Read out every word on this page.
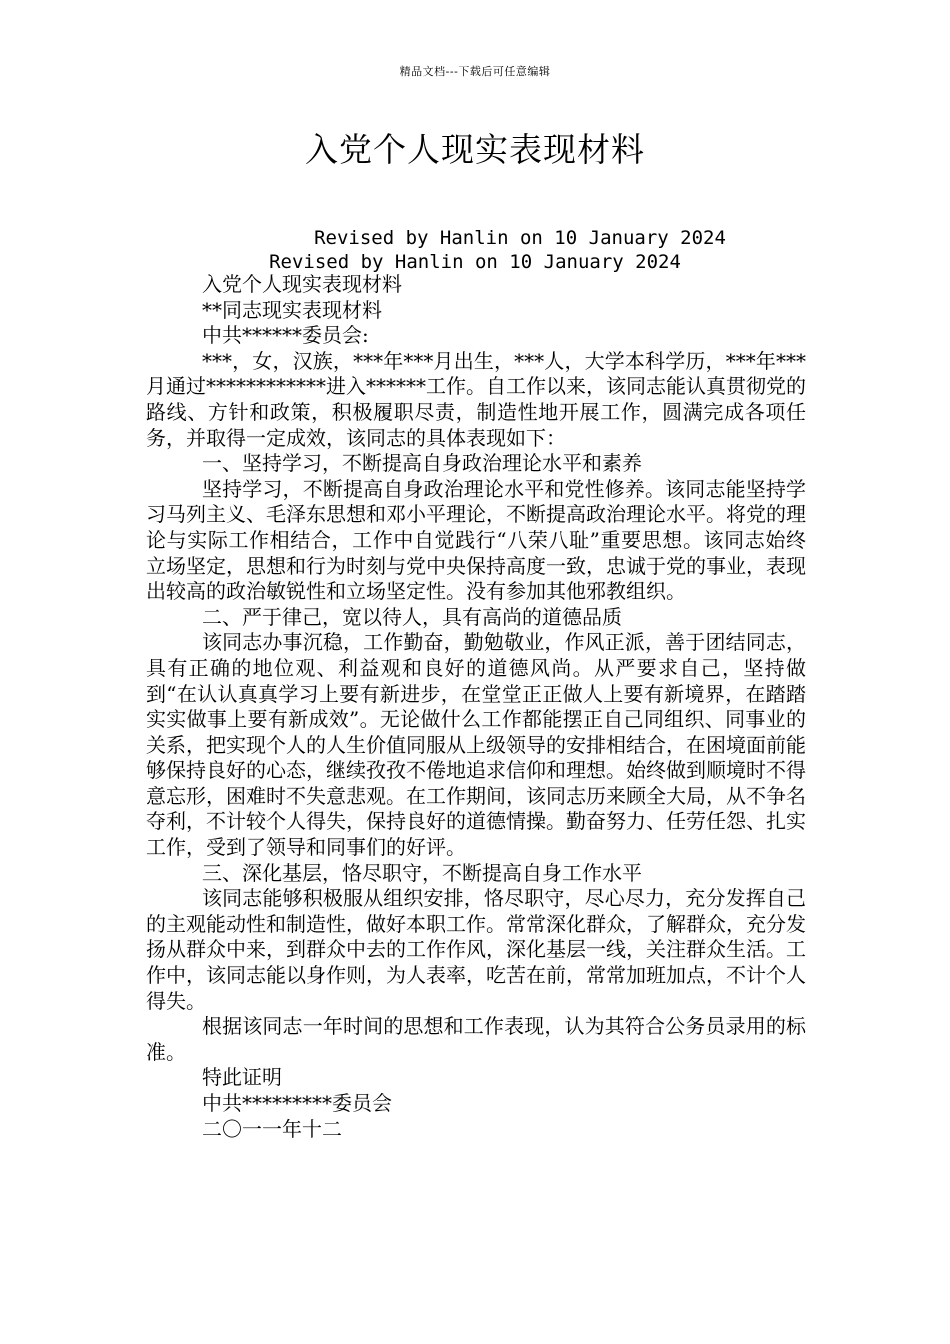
精品文档---下载后可任意编辑
入党个人现实表现材料
Revised by Hanlin on 10 January 2024
Revised by Hanlin on 10 January 2024

入党个人现实表现材料

**同志现实表现材料

中共******委员会:

***，女，汉族，***年***月出生，***人，大学本科学历，***年***月通过************进入******工作。自工作以来，该同志能认真贯彻党的路线、方针和政策，积极履职尽责，制造性地开展工作，圆满完成各项任务，并取得一定成效，该同志的具体表现如下：

一、坚持学习，不断提高自身政治理论水平和素养

坚持学习，不断提高自身政治理论水平和党性修养。该同志能坚持学习马列主义、毛泽东思想和邓小平理论，不断提高政治理论水平。将党的理论与实际工作相结合，工作中自觉践行“八荣八耻”重要思想。该同志始终立场坚定，思想和行为时刻与党中央保持高度一致，忠诚于党的事业，表现出较高的政治敏锐性和立场坚定性。没有参加其他邪教组织。

二、严于律己，宽以待人，具有高尚的道德品质

该同志办事沉稳，工作勤奋，勤勉敬业，作风正派，善于团结同志，具有正确的地位观、利益观和良好的道德风尚。从严要求自己，坚持做到“在认认真真学习上要有新进步，在堂堂正正做人上要有新境界，在踏踏实实做事上要有新成效”。无论做什么工作都能摆正自己同组织、同事业的关系，把实现个人的人生价值同服从上级领导的安排相结合，在困境面前能够保持良好的心态，继续孜孜不倦地追求信仰和理想。始终做到顺境时不得意忘形，困难时不失意悲观。在工作期间，该同志历来顾全大局，从不争名夺利，不计较个人得失，保持良好的道德情操。勤奋努力、任劳任怨、扎实工作，受到了领导和同事们的好评。

三、深化基层，恪尽职守，不断提高自身工作水平

该同志能够积极服从组织安排，恪尽职守，尽心尽力，充分发挥自己的主观能动性和制造性，做好本职工作。常常深化群众，了解群众，充分发扬从群众中来，到群众中去的工作作风，深化基层一线，关注群众生活。工作中，该同志能以身作则，为人表率，吃苦在前，常常加班加点，不计个人得失。

根据该同志一年时间的思想和工作表现，认为其符合公务员录用的标准。

特此证明

中共*********委员会

二〇一一年十二
